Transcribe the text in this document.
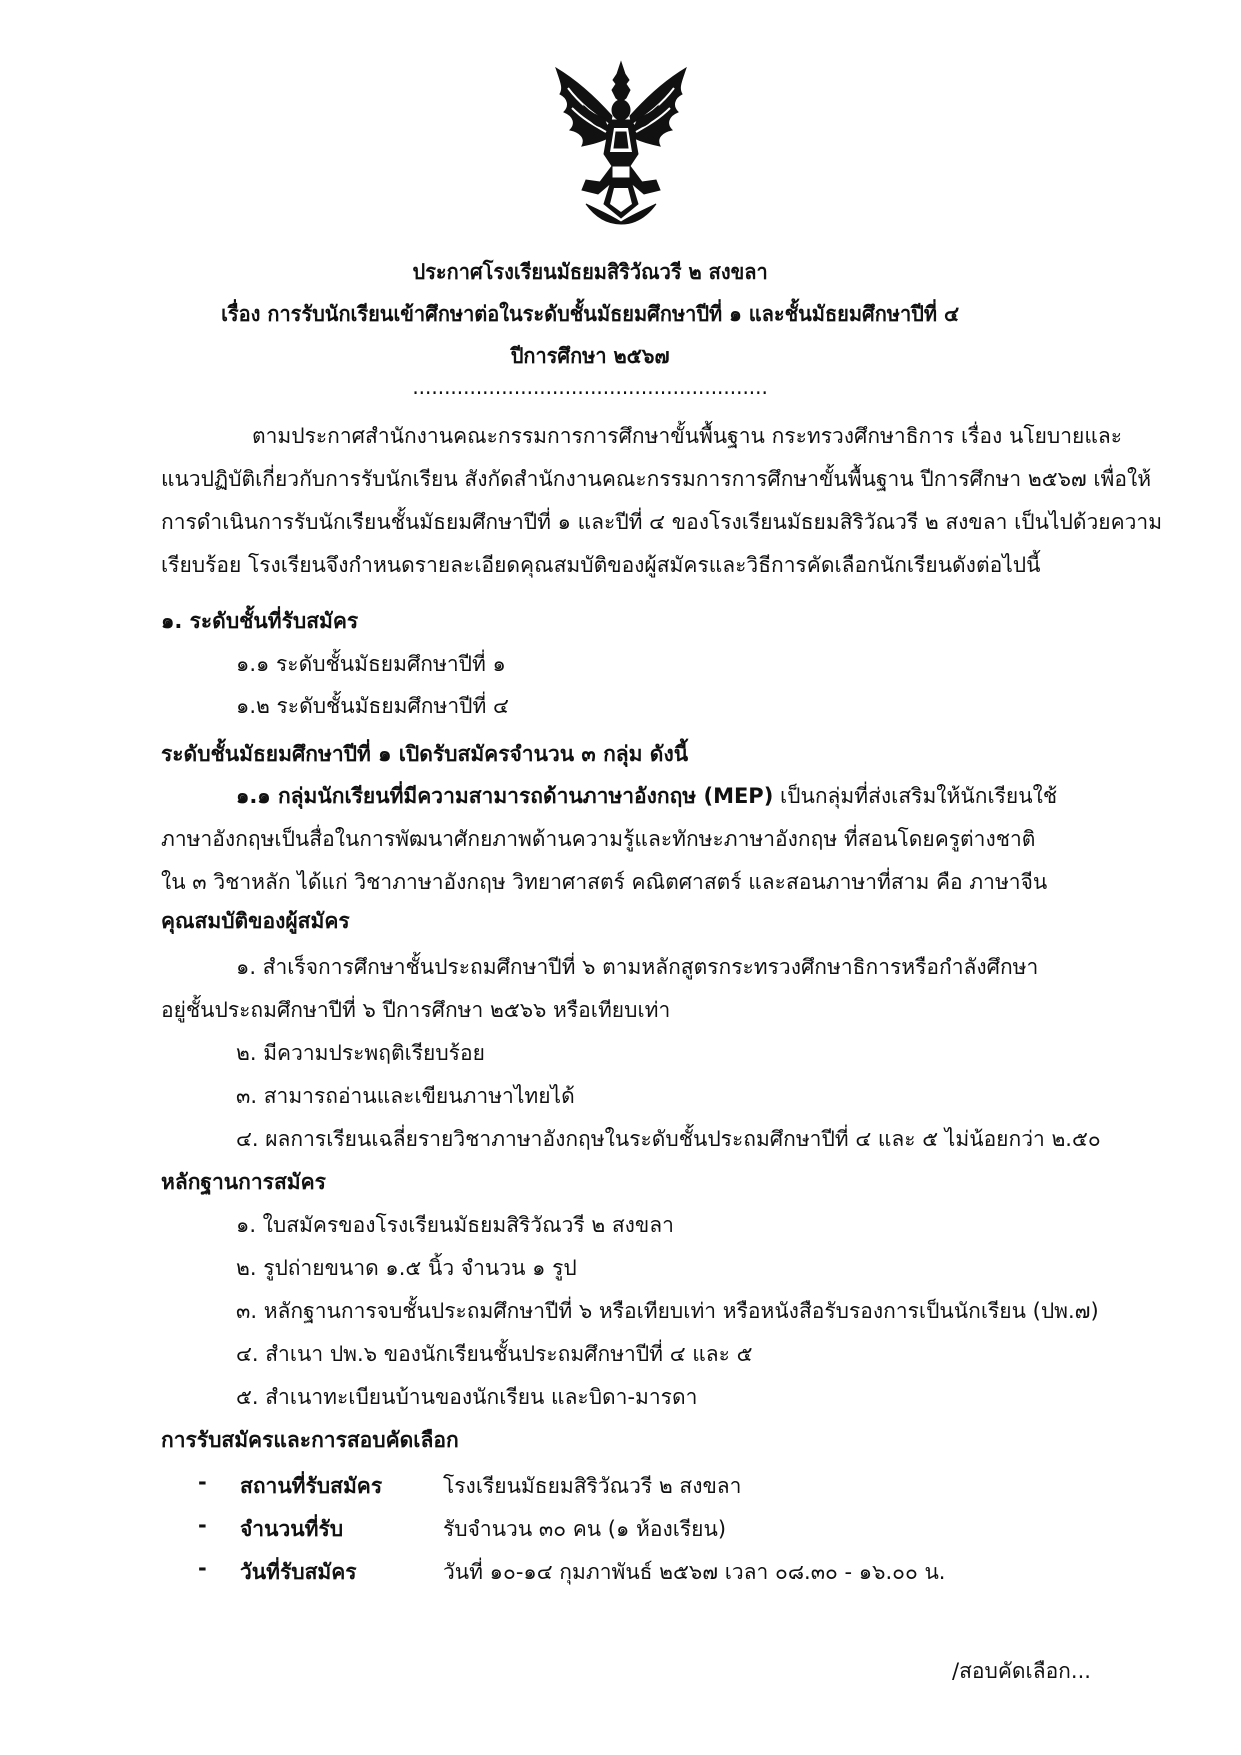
ประกาศโรงเรียนมัธยมสิริวัณวรี ๒ สงขลา
เรื่อง การรับนักเรียนเข้าศึกษาต่อในระดับชั้นมัธยมศึกษาปีที่ ๑ และชั้นมัธยมศึกษาปีที่ ๔
ปีการศึกษา ๒๕๖๗
........................................................
ตามประกาศสำนักงานคณะกรรมการการศึกษาขั้นพื้นฐาน กระทรวงศึกษาธิการ เรื่อง นโยบายและ
แนวปฏิบัติเกี่ยวกับการรับนักเรียน สังกัดสำนักงานคณะกรรมการการศึกษาขั้นพื้นฐาน ปีการศึกษา ๒๕๖๗ เพื่อให้
การดำเนินการรับนักเรียนชั้นมัธยมศึกษาปีที่ ๑ และปีที่ ๔ ของโรงเรียนมัธยมสิริวัณวรี ๒ สงขลา เป็นไปด้วยความ
เรียบร้อย โรงเรียนจึงกำหนดรายละเอียดคุณสมบัติของผู้สมัครและวิธีการคัดเลือกนักเรียนดังต่อไปนี้
๑. ระดับชั้นที่รับสมัคร
๑.๑ ระดับชั้นมัธยมศึกษาปีที่ ๑
๑.๒ ระดับชั้นมัธยมศึกษาปีที่ ๔
ระดับชั้นมัธยมศึกษาปีที่ ๑ เปิดรับสมัครจำนวน ๓ กลุ่ม ดังนี้
๑.๑ กลุ่มนักเรียนที่มีความสามารถด้านภาษาอังกฤษ (MEP) เป็นกลุ่มที่ส่งเสริมให้นักเรียนใช้
ภาษาอังกฤษเป็นสื่อในการพัฒนาศักยภาพด้านความรู้และทักษะภาษาอังกฤษ ที่สอนโดยครูต่างชาติ
ใน ๓ วิชาหลัก ได้แก่ วิชาภาษาอังกฤษ วิทยาศาสตร์ คณิตศาสตร์ และสอนภาษาที่สาม คือ ภาษาจีน
คุณสมบัติของผู้สมัคร
๑. สำเร็จการศึกษาชั้นประถมศึกษาปีที่ ๖ ตามหลักสูตรกระทรวงศึกษาธิการหรือกำลังศึกษา
อยู่ชั้นประถมศึกษาปีที่ ๖ ปีการศึกษา ๒๕๖๖ หรือเทียบเท่า
๒. มีความประพฤติเรียบร้อย
๓. สามารถอ่านและเขียนภาษาไทยได้
๔. ผลการเรียนเฉลี่ยรายวิชาภาษาอังกฤษในระดับชั้นประถมศึกษาปีที่ ๔ และ ๕ ไม่น้อยกว่า ๒.๕๐
หลักฐานการสมัคร
๑. ใบสมัครของโรงเรียนมัธยมสิริวัณวรี ๒ สงขลา
๒. รูปถ่ายขนาด ๑.๕ นิ้ว จำนวน ๑ รูป
๓. หลักฐานการจบชั้นประถมศึกษาปีที่ ๖ หรือเทียบเท่า หรือหนังสือรับรองการเป็นนักเรียน (ปพ.๗)
๔. สำเนา ปพ.๖ ของนักเรียนชั้นประถมศึกษาปีที่ ๔ และ ๕
๕. สำเนาทะเบียนบ้านของนักเรียน และบิดา-มารดา
การรับสมัครและการสอบคัดเลือก
- สถานที่รับสมัคร	โรงเรียนมัธยมสิริวัณวรี ๒ สงขลา
- จำนวนที่รับ	รับจำนวน ๓๐ คน (๑ ห้องเรียน)
- วันที่รับสมัคร	วันที่ ๑๐-๑๔ กุมภาพันธ์ ๒๕๖๗ เวลา ๐๘.๓๐ - ๑๖.๐๐ น.
/สอบคัดเลือก...
